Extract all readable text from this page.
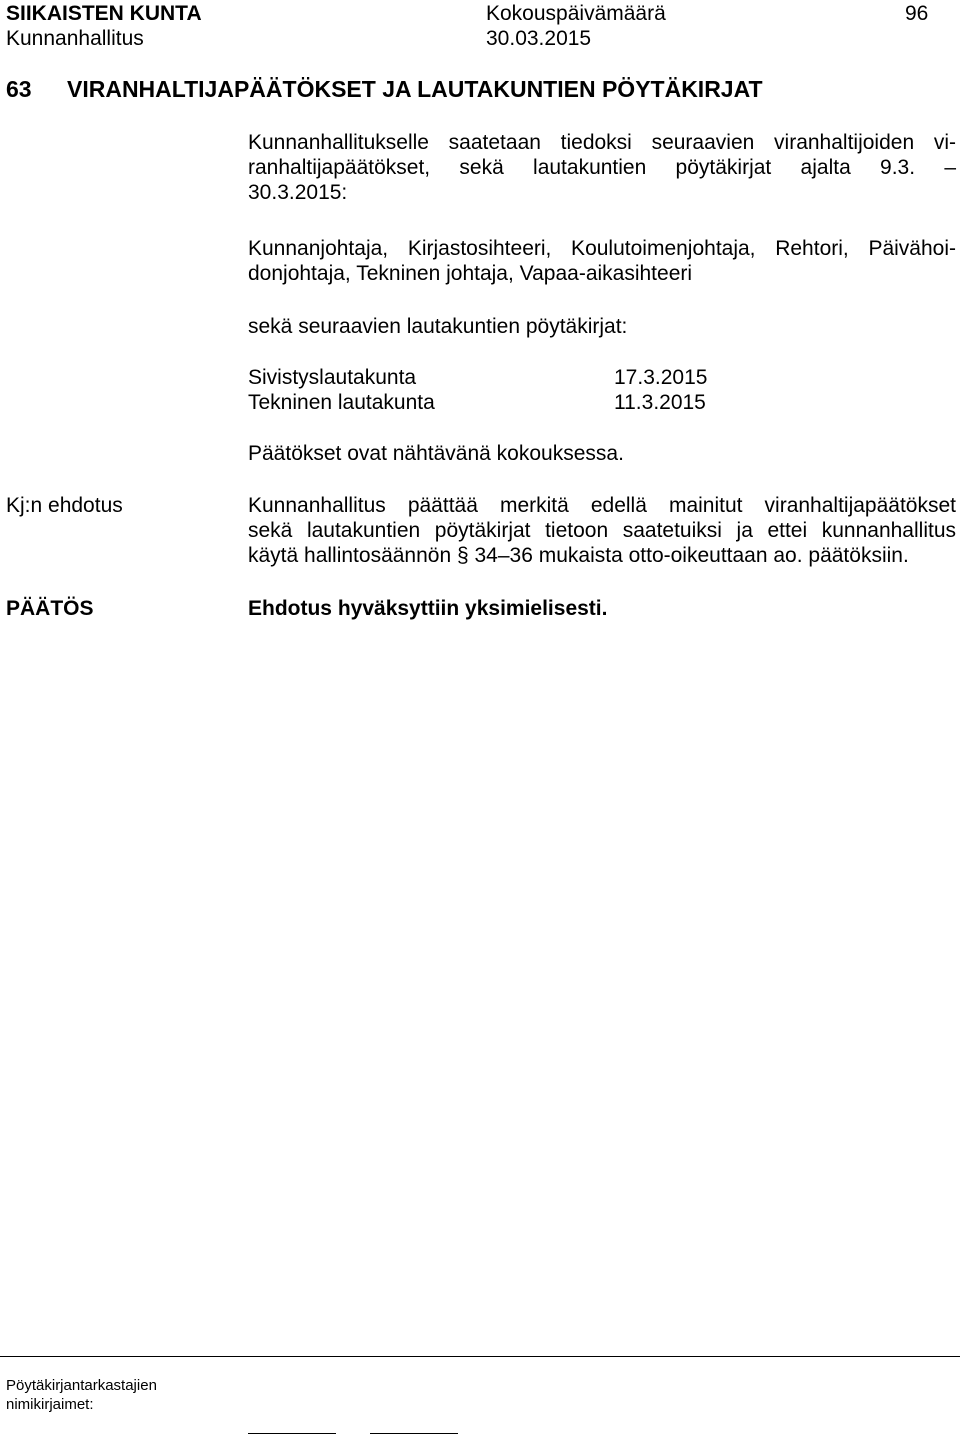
SIIKAISTEN KUNTA	Kokouspäivämäärä	96
Kunnanhallitus	30.03.2015
63 VIRANHALTIJAPÄÄTÖKSET JA LAUTAKUNTIEN PÖYTÄKIRJAT
Kunnanhallitukselle saatetaan tiedoksi seuraavien viranhaltijoiden vi-
ranhaltijapäätökset, sekä lautakuntien pöytäkirjat ajalta 9.3. –
30.3.2015:
Kunnanjohtaja, Kirjastosihteeri, Koulutoimenjohtaja, Rehtori, Päivähoi-
donjohtaja, Tekninen johtaja, Vapaa-aikasihteeri
sekä seuraavien lautakuntien pöytäkirjat:
Sivistyslautakunta	17.3.2015
Tekninen lautakunta	11.3.2015
Päätökset ovat nähtävänä kokouksessa.
Kj:n ehdotus	Kunnanhallitus päättää merkitä edellä mainitut viranhaltijapäätökset
sekä lautakuntien pöytäkirjat tietoon saatetuiksi ja ettei kunnanhallitus
käytä hallintosäännön § 34–36 mukaista otto-oikeuttaan ao. päätöksiin.
PÄÄTÖS	Ehdotus hyväksyttiin yksimielisesti.
Pöytäkirjantarkastajien
nimikirjaimet:
